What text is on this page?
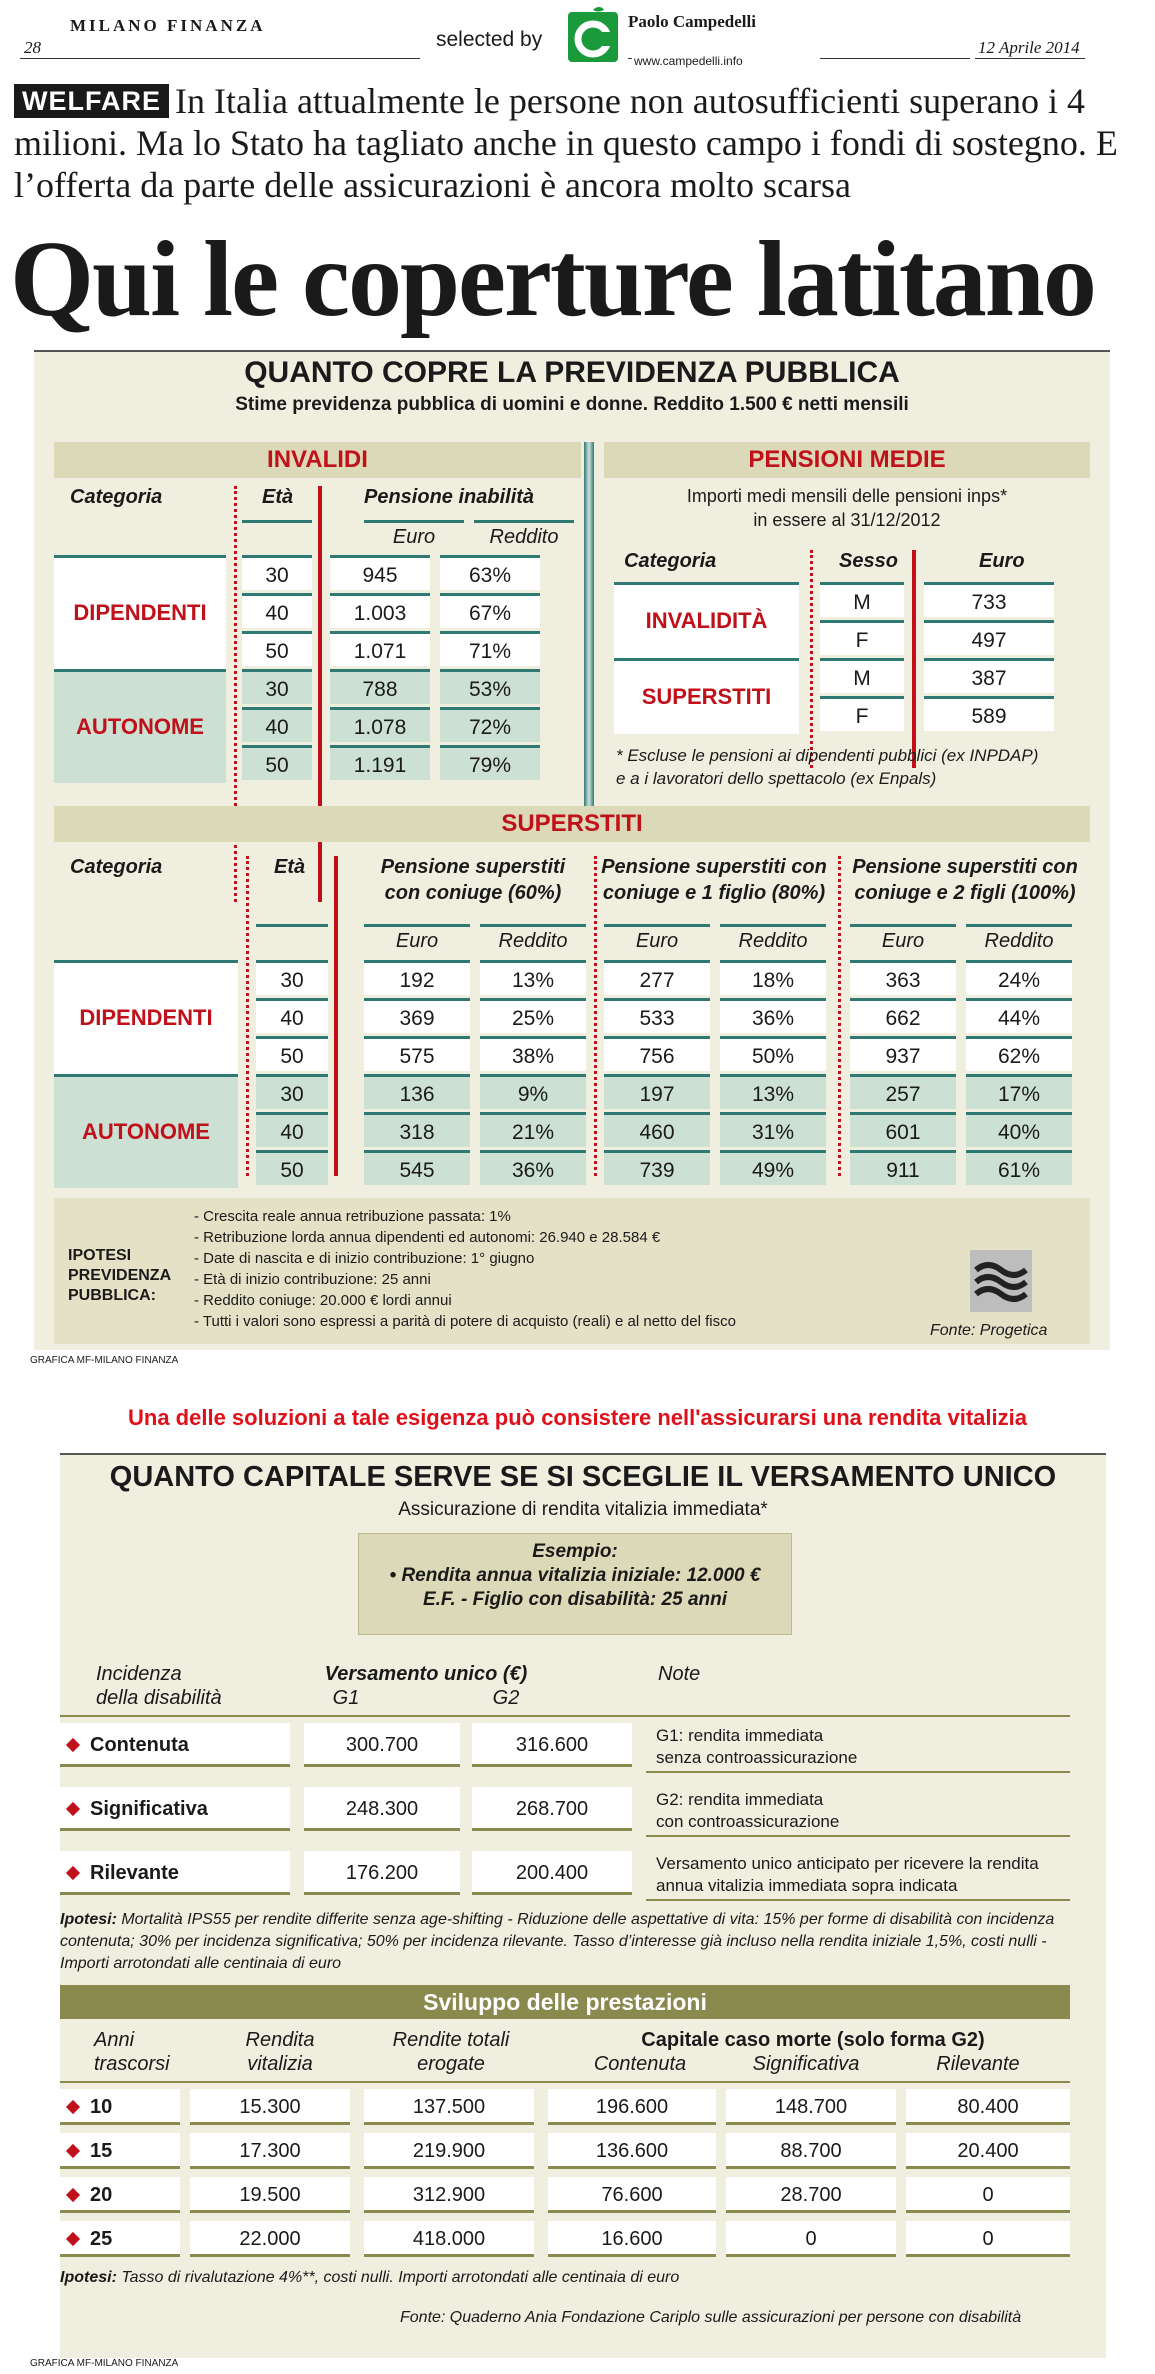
MILANO FINANZA
28	selected by
Paolo Campedelli
www.campedelli.info
12 Aprile 2014
WELFARE In Italia attualmente le persone non autosufficienti superano i 4 milioni. Ma lo Stato ha tagliato anche in questo campo i fondi di sostegno. E l’offerta da parte delle assicurazioni è ancora molto scarsa
Qui le coperture latitano
QUANTO COPRE LA PREVIDENZA PUBBLICA
Stime previdenza pubblica di uomini e donne. Reddito 1.500 € netti mensili
INVALIDI
Categoria	Età	Pensione inabilità
Euro	Reddito
DIPENDENTI
AUTONOME
30	945	63%
40	1.003	67%
50	1.071	71%
30	788	53%
40	1.078	72%
50	1.191	79%
PENSIONI MEDIE
Importi medi mensili delle pensioni inps*
in essere al 31/12/2012
Categoria	Sesso	Euro
INVALIDITÀ
SUPERSTITI
M	733
F	497
M	387
F	589
* Escluse le pensioni ai dipendenti pubblici (ex INPDAP)
e a i lavoratori dello spettacolo (ex Enpals)
SUPERSTITI
Categoria	Età	Pensione superstiti
con coniuge (60%)
Pensione superstiti con
coniuge e 1 figlio (80%)
Pensione superstiti con
coniuge e 2 figli (100%)
Euro	Reddito	Euro	Reddito	Euro	Reddito
DIPENDENTI
AUTONOME
30	192	13%	277	18%	363	24%
40	369	25%	533	36%	662	44%
50	575	38%	756	50%	937	62%
30	136	9%	197	13%	257	17%
40	318	21%	460	31%	601	40%
50	545	36%	739	49%	911	61%
IPOTESI
PREVIDENZA
PUBBLICA:
- Crescita reale annua retribuzione passata: 1%
- Retribuzione lorda annua dipendenti ed autonomi: 26.940 e 28.584 €
- Date di nascita e di inizio contribuzione: 1° giugno
- Età di inizio contribuzione: 25 anni
- Reddito coniuge: 20.000 € lordi annui
- Tutti i valori sono espressi a parità di potere di acquisto (reali) e al netto del fisco
Fonte: Progetica
GRAFICA MF-MILANO FINANZA
Una delle soluzioni a tale esigenza può consistere nell'assicurarsi una rendita vitalizia
QUANTO CAPITALE SERVE SE SI SCEGLIE IL VERSAMENTO UNICO
Assicurazione di rendita vitalizia immediata*
Esempio:
• Rendita annua vitalizia iniziale: 12.000 €
E.F. - Figlio con disabilità: 25 anni
Incidenza
della disabilità
Versamento unico (€)
G1	G2
Note
Contenuta	300.700	316.600	G1: rendita immediata
senza controassicurazione
Significativa	248.300	268.700	G2: rendita immediata
con controassicurazione
Rilevante	176.200	200.400	Versamento unico anticipato per ricevere la rendita
annua vitalizia immediata sopra indicata
Ipotesi: Mortalità IPS55 per rendite differite senza age-shifting - Riduzione delle aspettative di vita: 15% per forme di disabilità con incidenza contenuta; 30% per incidenza significativa; 50% per incidenza rilevante. Tasso d’interesse già incluso nella rendita iniziale 1,5%, costi nulli - Importi arrotondati alle centinaia di euro
Sviluppo delle prestazioni
Anni
trascorsi
Rendita
vitalizia
Rendite totali
erogate
Capitale caso morte (solo forma G2)
Contenuta	Significativa	Rilevante
10	15.300	137.500	196.600	148.700	80.400
15	17.300	219.900	136.600	88.700	20.400
20	19.500	312.900	76.600	28.700	0
25	22.000	418.000	16.600	0	0
Ipotesi: Tasso di rivalutazione 4%**, costi nulli. Importi arrotondati alle centinaia di euro
Fonte: Quaderno Ania Fondazione Cariplo sulle assicurazioni per persone con disabilità
GRAFICA MF-MILANO FINANZA
